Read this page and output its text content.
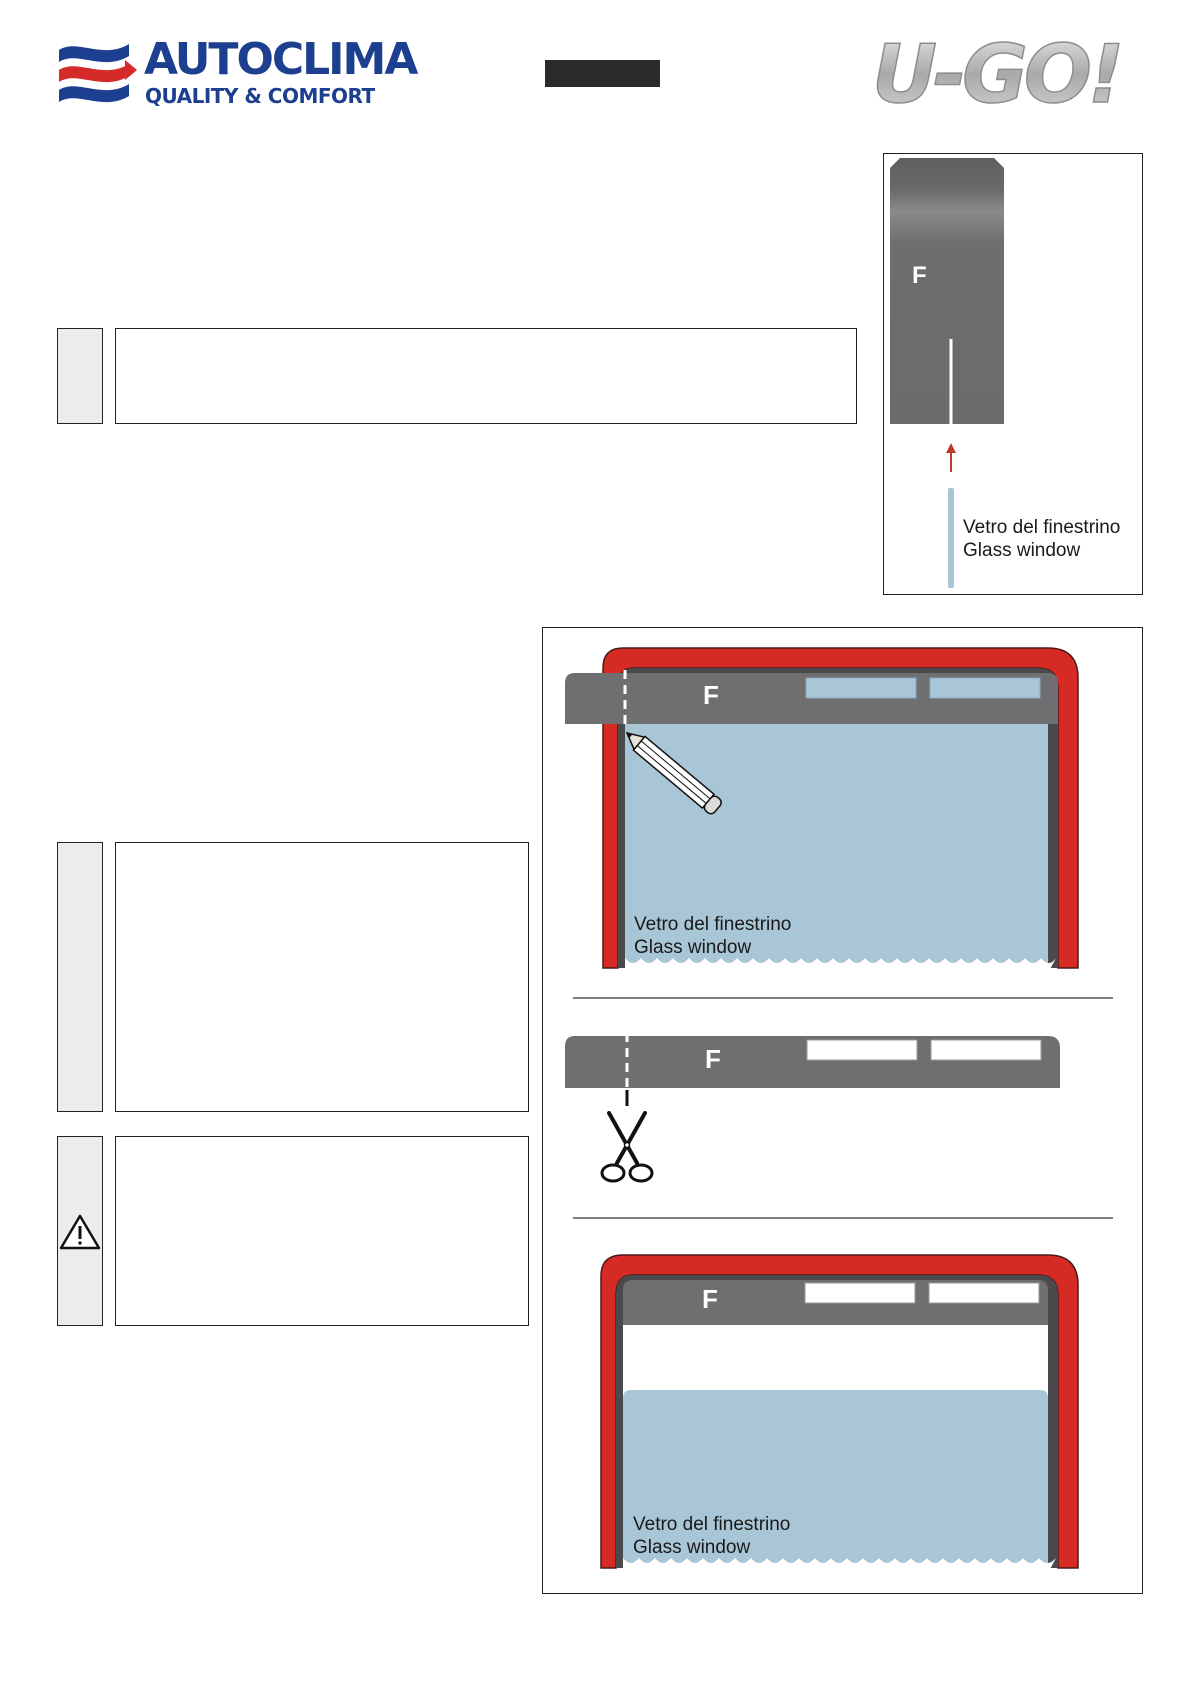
AUTOCLIMA
QUALITY & COMFORT	U-GO!
F
Vetro del finestrino
Glass window
F
Vetro del finestrino
Glass window
F
F
Vetro del finestrino
Glass window
